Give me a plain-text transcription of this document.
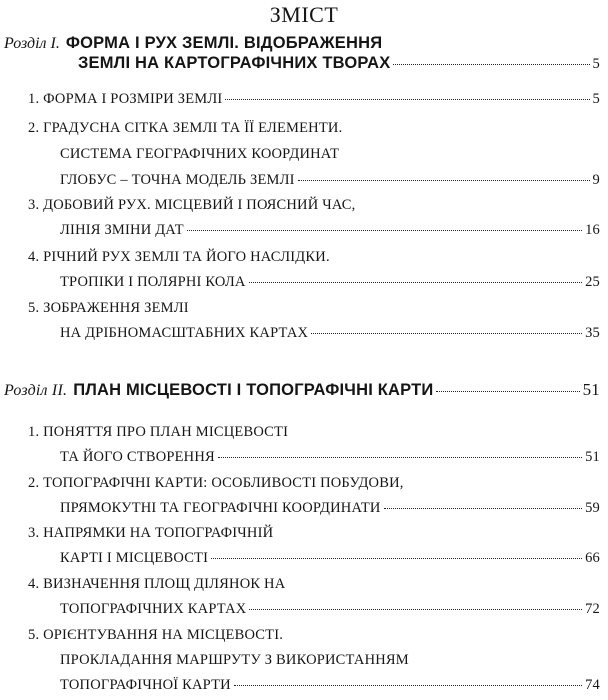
ЗМІСТ
Розділ I. ФОРМА І РУХ ЗЕМЛІ. ВІДОБРАЖЕННЯ
ЗЕМЛІ НА КАРТОГРАФІЧНИХ ТВОРАХ	5
1. ФОРМА І РОЗМІРИ ЗЕМЛІ	5
2. ГРАДУСНА СІТКА ЗЕМЛІ ТА ЇЇ ЕЛЕМЕНТИ.
СИСТЕМА ГЕОГРАФІЧНИХ КООРДИНАТ
ГЛОБУС – ТОЧНА МОДЕЛЬ ЗЕМЛІ	9
3. ДОБОВИЙ РУХ. МІСЦЕВИЙ І ПОЯСНИЙ ЧАС,
ЛІНІЯ ЗМІНИ ДАТ	16
4. РІЧНИЙ РУХ ЗЕМЛІ ТА ЙОГО НАСЛІДКИ.
ТРОПІКИ І ПОЛЯРНІ КОЛА	25
5. ЗОБРАЖЕННЯ ЗЕМЛІ
НА ДРІБНОМАСШТАБНИХ КАРТАХ	35
Розділ II. ПЛАН МІСЦЕВОСТІ І ТОПОГРАФІЧНІ КАРТИ	51
1. ПОНЯТТЯ ПРО ПЛАН МІСЦЕВОСТІ
ТА ЙОГО СТВОРЕННЯ	51
2. ТОПОГРАФІЧНІ КАРТИ: ОСОБЛИВОСТІ ПОБУДОВИ,
ПРЯМОКУТНІ ТА ГЕОГРАФІЧНІ КООРДИНАТИ	59
3. НАПРЯМКИ НА ТОПОГРАФІЧНІЙ
КАРТІ І МІСЦЕВОСТІ	66
4. ВИЗНАЧЕННЯ ПЛОЩ ДІЛЯНОК НА
ТОПОГРАФІЧНИХ КАРТАХ	72
5. ОРІЄНТУВАННЯ НА МІСЦЕВОСТІ.
ПРОКЛАДАННЯ МАРШРУТУ З ВИКОРИСТАННЯМ
ТОПОГРАФІЧНОЇ КАРТИ	74
